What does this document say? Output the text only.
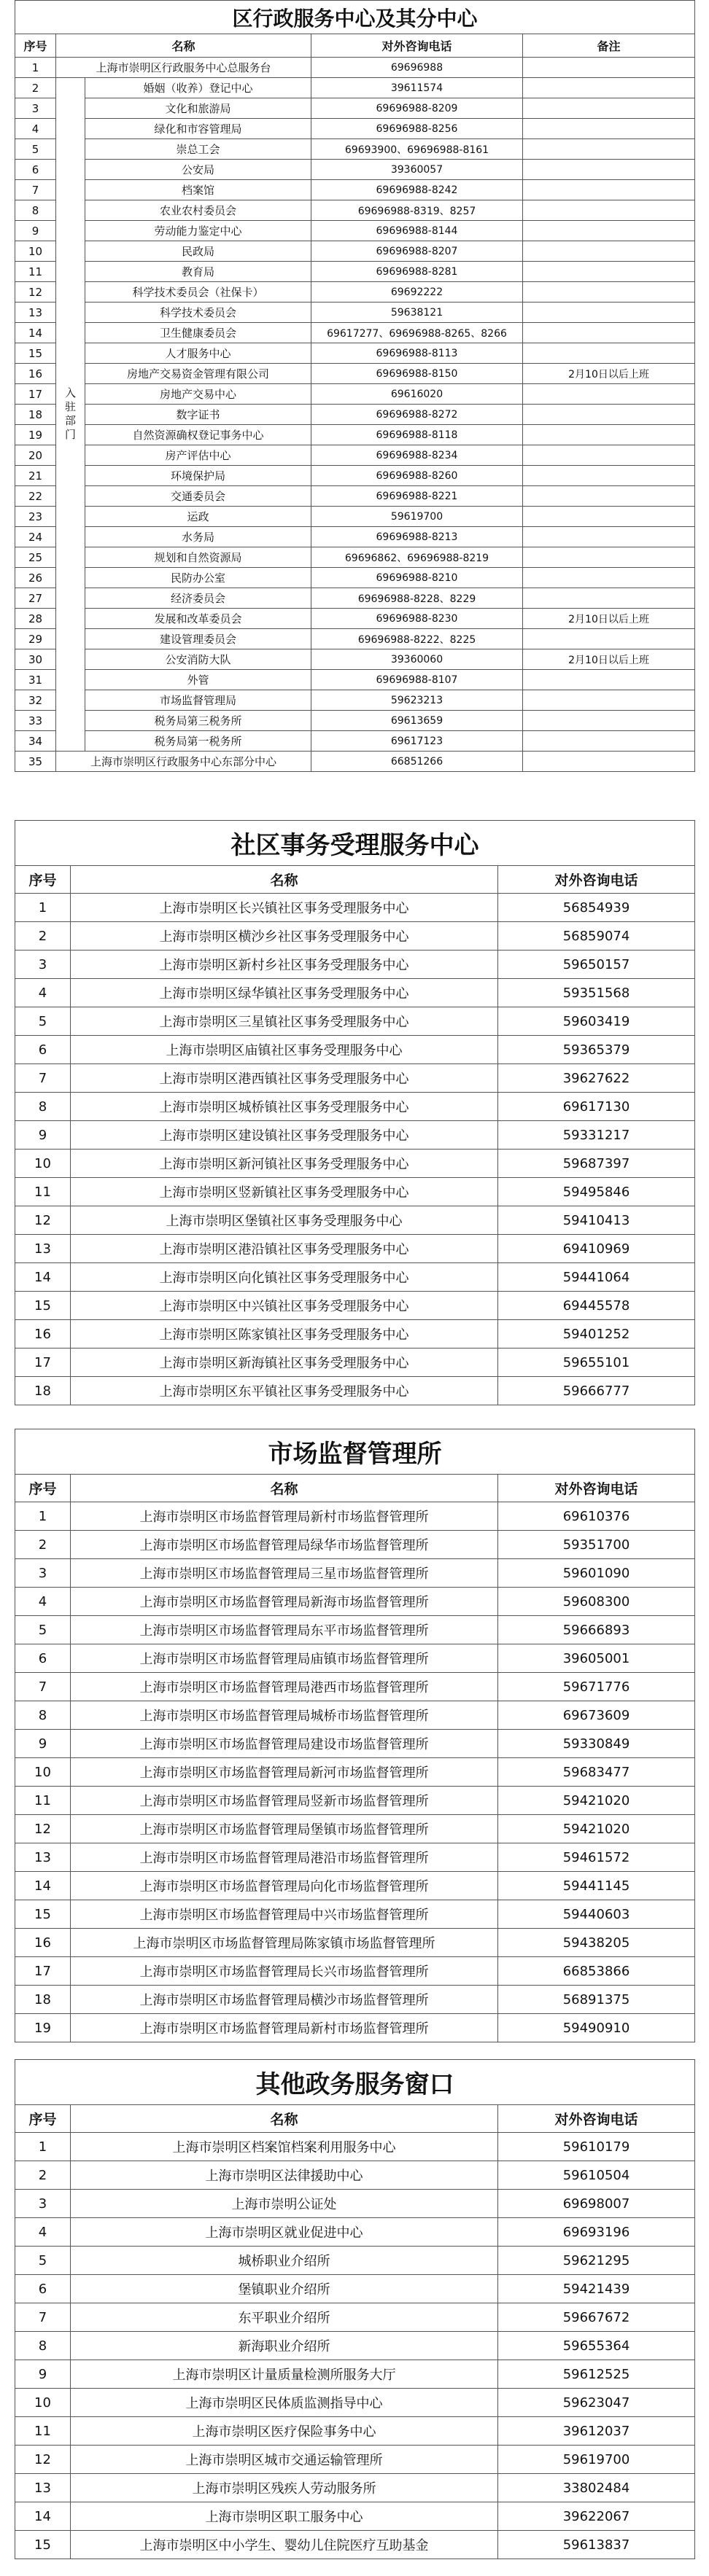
区行政服务中心及其分中心				
序号	名称		对外咨询电话	备注
1	上海市崇明区行政服务中心总服务台		69696988	
2	入驻部门	婚姻（收养）登记中心	39611574	
3		文化和旅游局	69696988-8209	
4		绿化和市容管理局	69696988-8256	
5		崇总工会	69693900、69696988-8161	
6		公安局	39360057	
7		档案馆	69696988-8242	
8		农业农村委员会	69696988-8319、8257	
9		劳动能力鉴定中心	69696988-8144	
10		民政局	69696988-8207	
11		教育局	69696988-8281	
12		科学技术委员会（社保卡）	69692222	
13		科学技术委员会	59638121	
14		卫生健康委员会	69617277、69696988-8265、8266	
15		人才服务中心	69696988-8113	
16		房地产交易资金管理有限公司	69696988-8150	2月10日以后上班
17		房地产交易中心	69616020	
18		数字证书	69696988-8272	
19		自然资源确权登记事务中心	69696988-8118	
20		房产评估中心	69696988-8234	
21		环境保护局	69696988-8260	
22		交通委员会	69696988-8221	
23		运政	59619700	
24		水务局	69696988-8213	
25		规划和自然资源局	69696862、69696988-8219	
26		民防办公室	69696988-8210	
27		经济委员会	69696988-8228、8229	
28		发展和改革委员会	69696988-8230	2月10日以后上班
29		建设管理委员会	69696988-8222、8225	
30		公安消防大队	39360060	2月10日以后上班
31		外管	69696988-8107	
32		市场监督管理局	59623213	
33		税务局第三税务所	69613659	
34		税务局第一税务所	69617123	
35	上海市崇明区行政服务中心东部分中心		66851266	
社区事务受理服务中心		
序号	名称	对外咨询电话
1	上海市崇明区长兴镇社区事务受理服务中心	56854939
2	上海市崇明区横沙乡社区事务受理服务中心	56859074
3	上海市崇明区新村乡社区事务受理服务中心	59650157
4	上海市崇明区绿华镇社区事务受理服务中心	59351568
5	上海市崇明区三星镇社区事务受理服务中心	59603419
6	上海市崇明区庙镇社区事务受理服务中心	59365379
7	上海市崇明区港西镇社区事务受理服务中心	39627622
8	上海市崇明区城桥镇社区事务受理服务中心	69617130
9	上海市崇明区建设镇社区事务受理服务中心	59331217
10	上海市崇明区新河镇社区事务受理服务中心	59687397
11	上海市崇明区竖新镇社区事务受理服务中心	59495846
12	上海市崇明区堡镇社区事务受理服务中心	59410413
13	上海市崇明区港沿镇社区事务受理服务中心	69410969
14	上海市崇明区向化镇社区事务受理服务中心	59441064
15	上海市崇明区中兴镇社区事务受理服务中心	69445578
16	上海市崇明区陈家镇社区事务受理服务中心	59401252
17	上海市崇明区新海镇社区事务受理服务中心	59655101
18	上海市崇明区东平镇社区事务受理服务中心	59666777
市场监督管理所		
序号	名称	对外咨询电话
1	上海市崇明区市场监督管理局新村市场监督管理所	69610376
2	上海市崇明区市场监督管理局绿华市场监督管理所	59351700
3	上海市崇明区市场监督管理局三星市场监督管理所	59601090
4	上海市崇明区市场监督管理局新海市场监督管理所	59608300
5	上海市崇明区市场监督管理局东平市场监督管理所	59666893
6	上海市崇明区市场监督管理局庙镇市场监督管理所	39605001
7	上海市崇明区市场监督管理局港西市场监督管理所	59671776
8	上海市崇明区市场监督管理局城桥市场监督管理所	69673609
9	上海市崇明区市场监督管理局建设市场监督管理所	59330849
10	上海市崇明区市场监督管理局新河市场监督管理所	59683477
11	上海市崇明区市场监督管理局竖新市场监督管理所	59421020
12	上海市崇明区市场监督管理局堡镇市场监督管理所	59421020
13	上海市崇明区市场监督管理局港沿市场监督管理所	59461572
14	上海市崇明区市场监督管理局向化市场监督管理所	59441145
15	上海市崇明区市场监督管理局中兴市场监督管理所	59440603
16	上海市崇明区市场监督管理局陈家镇市场监督管理所	59438205
17	上海市崇明区市场监督管理局长兴市场监督管理所	66853866
18	上海市崇明区市场监督管理局横沙市场监督管理所	56891375
19	上海市崇明区市场监督管理局新村市场监督管理所	59490910
其他政务服务窗口		
序号	名称	对外咨询电话
1	上海市崇明区档案馆档案利用服务中心	59610179
2	上海市崇明区法律援助中心	59610504
3	上海市崇明公证处	69698007
4	上海市崇明区就业促进中心	69693196
5	城桥职业介绍所	59621295
6	堡镇职业介绍所	59421439
7	东平职业介绍所	59667672
8	新海职业介绍所	59655364
9	上海市崇明区计量质量检测所服务大厅	59612525
10	上海市崇明区民体质监测指导中心	59623047
11	上海市崇明区医疗保险事务中心	39612037
12	上海市崇明区城市交通运输管理所	59619700
13	上海市崇明区残疾人劳动服务所	33802484
14	上海市崇明区职工服务中心	39622067
15	上海市崇明区中小学生、婴幼儿住院医疗互助基金	59613837
